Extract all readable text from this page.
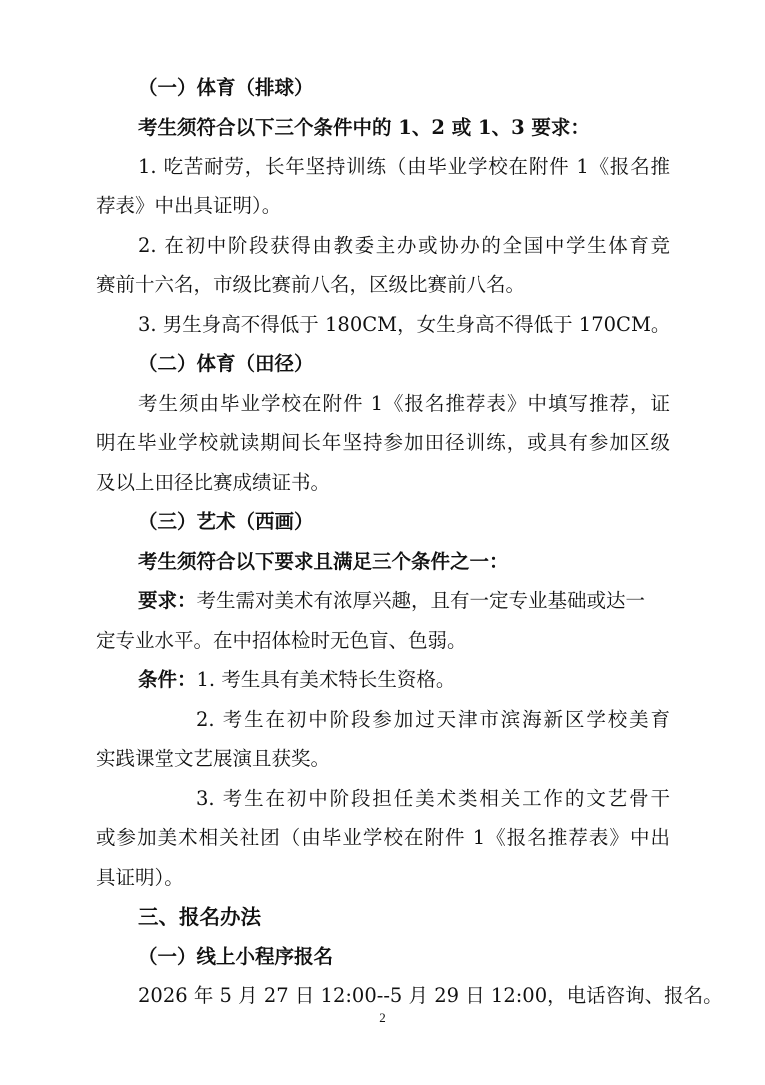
（一）体育（排球）
考生须符合以下三个条件中的 1、2 或 1、3 要求：
1. 吃苦耐劳，长年坚持训练（由毕业学校在附件 1《报名推
荐表》中出具证明）。
2. 在初中阶段获得由教委主办或协办的全国中学生体育竞
赛前十六名，市级比赛前八名，区级比赛前八名。
3. 男生身高不得低于 180CM，女生身高不得低于 170CM。
（二）体育（田径）
考生须由毕业学校在附件 1《报名推荐表》中填写推荐，证
明在毕业学校就读期间长年坚持参加田径训练，或具有参加区级
及以上田径比赛成绩证书。
（三）艺术（西画）
考生须符合以下要求且满足三个条件之一：
要求：考生需对美术有浓厚兴趣，且有一定专业基础或达一
定专业水平。在中招体检时无色盲、色弱。
条件：1. 考生具有美术特长生资格。
2. 考生在初中阶段参加过天津市滨海新区学校美育
实践课堂文艺展演且获奖。
3. 考生在初中阶段担任美术类相关工作的文艺骨干
或参加美术相关社团（由毕业学校在附件 1《报名推荐表》中出
具证明）。
三、报名办法
（一）线上小程序报名
2026 年 5 月 27 日 12:00--5 月 29 日 12:00，电话咨询、报名。
2
